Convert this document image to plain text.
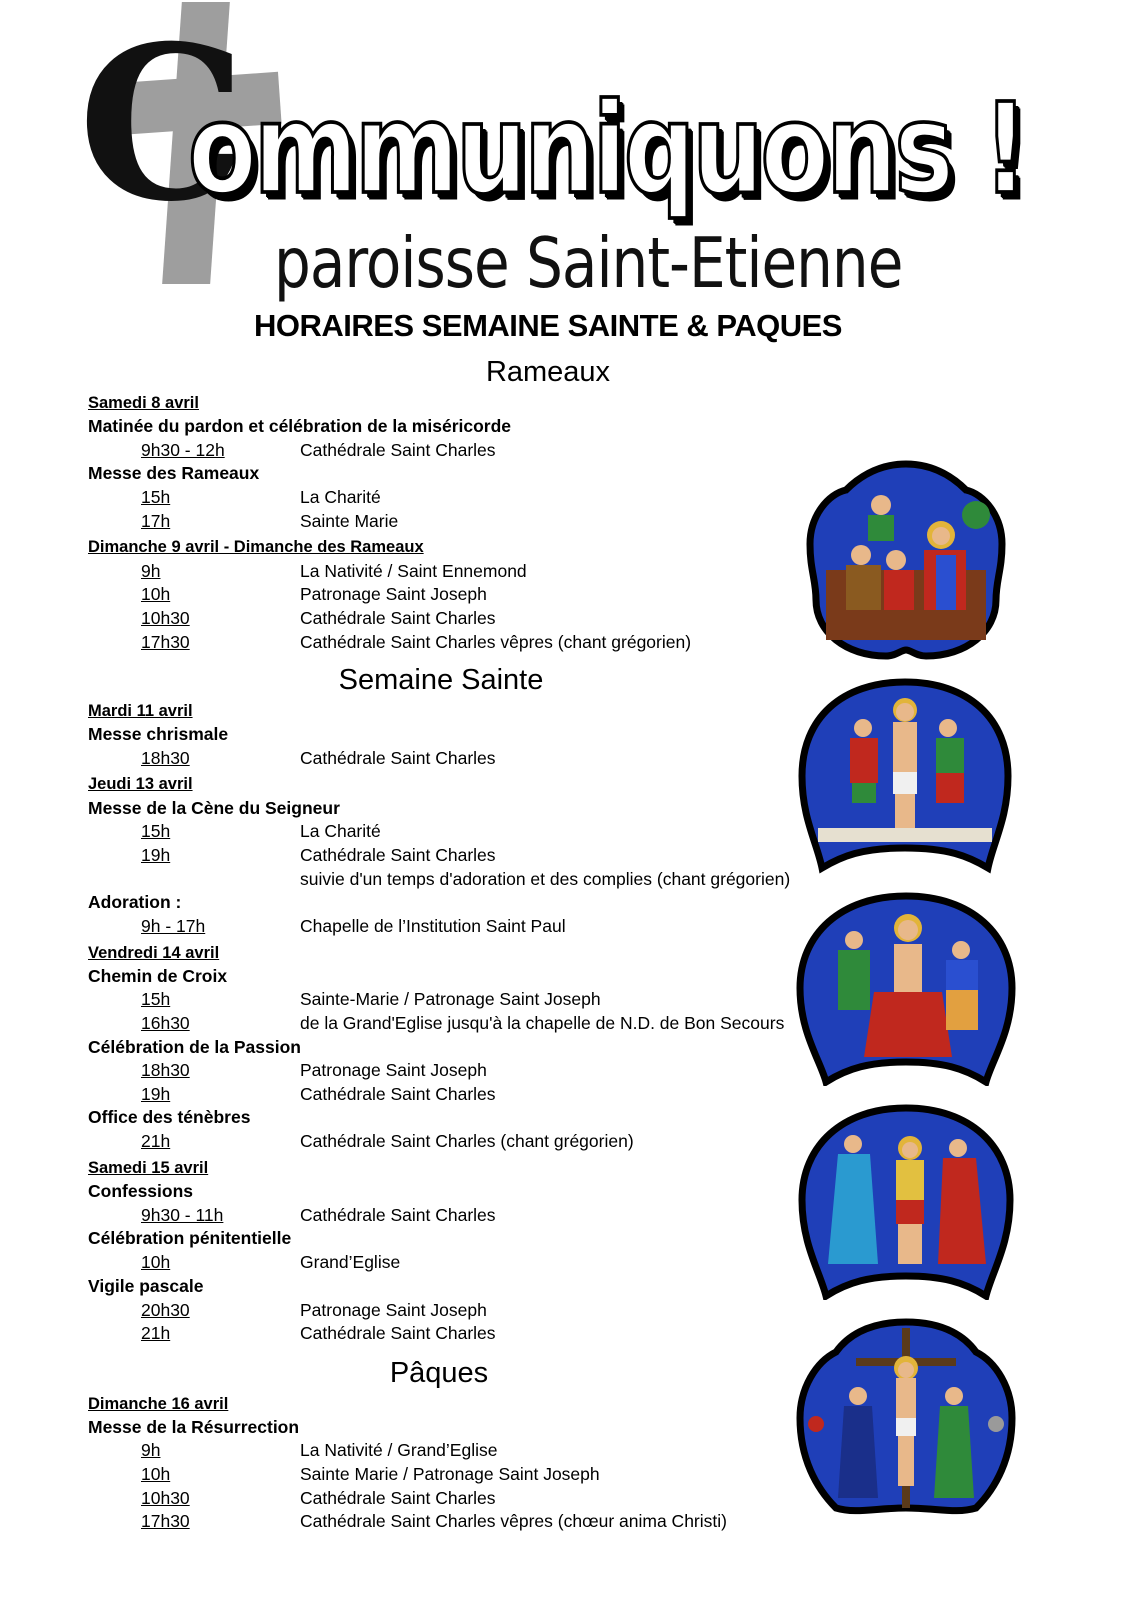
C
ommuniquons !
paroisse Saint-Etienne
HORAIRES SEMAINE SAINTE & PAQUES
Rameaux
Samedi 8 avril
Matinée du pardon et célébration de la miséricorde
9h30 - 12h	Cathédrale Saint Charles
Messe des Rameaux
15h	La Charité
17h	Sainte Marie
Dimanche 9 avril - Dimanche des Rameaux
9h	La Nativité / Saint Ennemond
10h	Patronage Saint Joseph
10h30	Cathédrale Saint Charles
17h30	Cathédrale Saint Charles vêpres (chant grégorien)
Semaine Sainte
Mardi 11 avril
Messe chrismale
18h30	Cathédrale Saint Charles
Jeudi 13 avril
Messe de la Cène du Seigneur
15h	La Charité
19h	Cathédrale Saint Charles
suivie d'un temps d'adoration et des complies (chant grégorien)
Adoration :
9h - 17h	Chapelle de l’Institution Saint Paul
Vendredi 14 avril
Chemin de Croix
15h	Sainte-Marie / Patronage Saint Joseph
16h30	de la Grand'Eglise jusqu'à la chapelle de N.D. de Bon Secours
Célébration de la Passion
18h30	Patronage Saint Joseph
19h	Cathédrale Saint Charles
Office des ténèbres
21h	Cathédrale Saint Charles (chant grégorien)
Samedi 15 avril
Confessions
9h30 - 11h	Cathédrale Saint Charles
Célébration pénitentielle
10h	Grand’Eglise
Vigile pascale
20h30	Patronage Saint Joseph
21h	Cathédrale Saint Charles
Pâques
Dimanche 16 avril
Messe de la Résurrection
9h	La Nativité / Grand’Eglise
10h	Sainte Marie / Patronage Saint Joseph
10h30	Cathédrale Saint Charles
17h30	Cathédrale Saint Charles vêpres (chœur anima Christi)
